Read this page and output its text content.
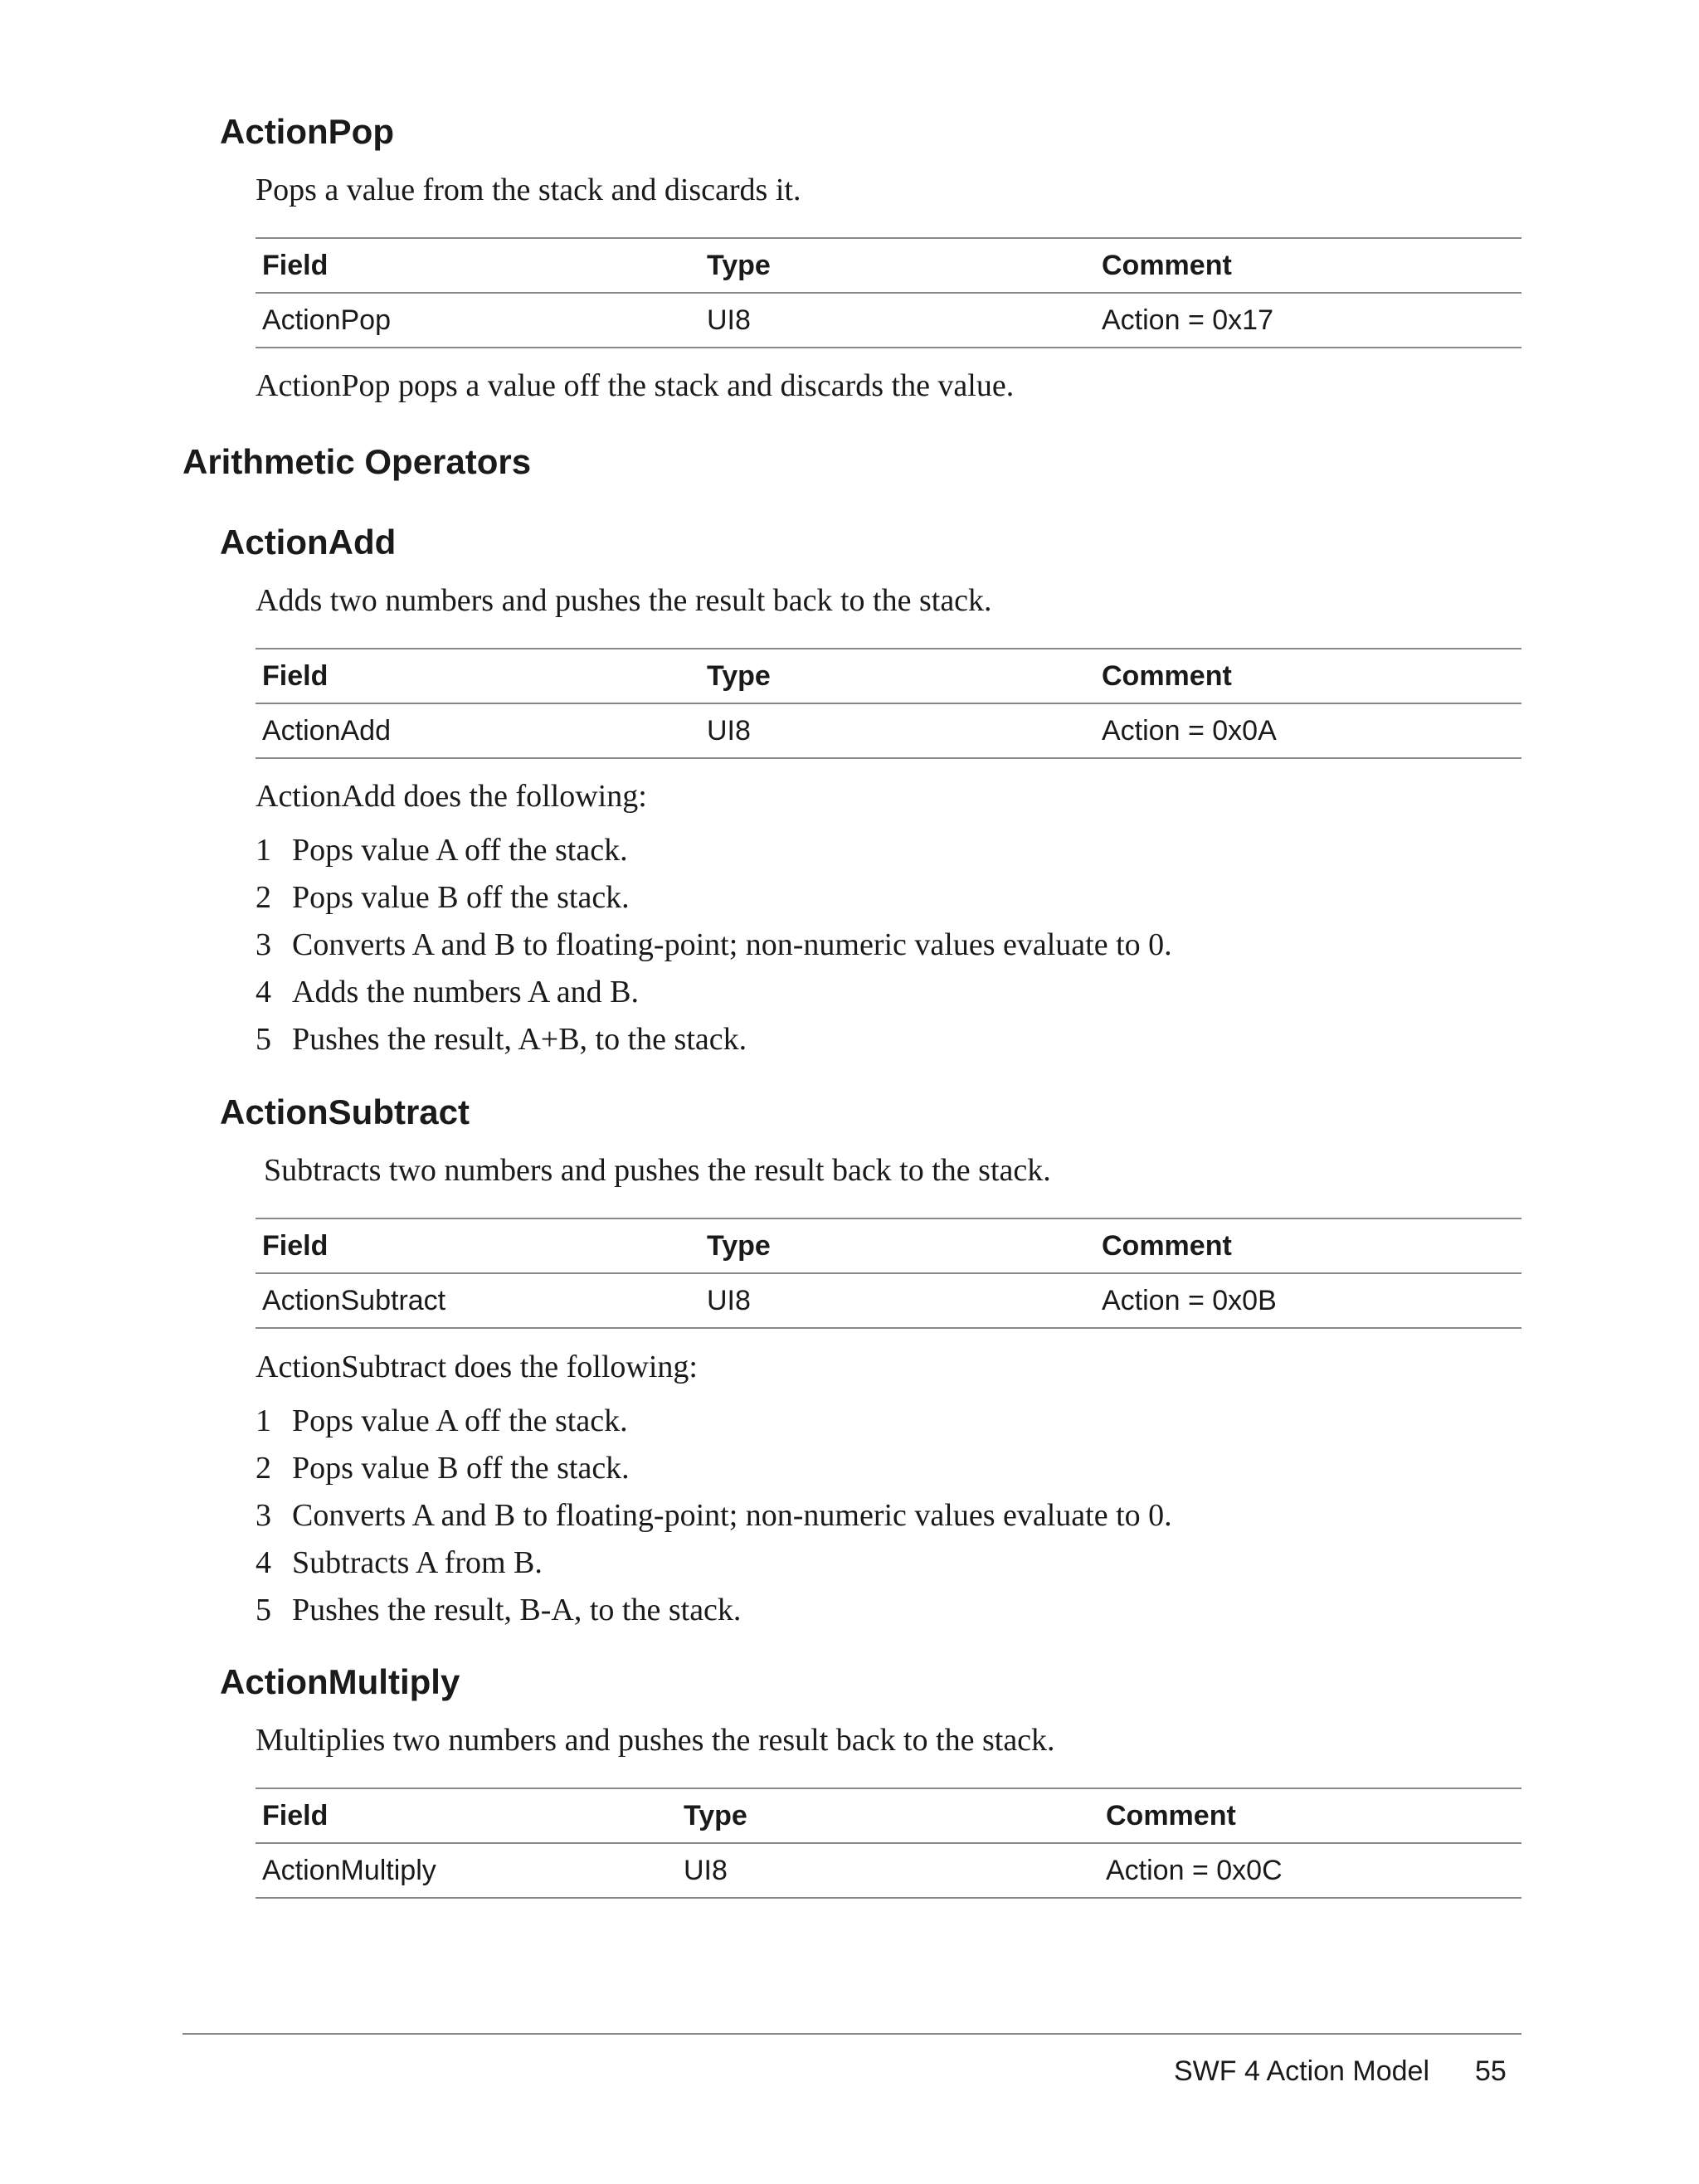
ActionPop

Pops a value from the stack and discards it.

Field	Type	Comment
ActionPop	UI8	Action = 0x17

ActionPop pops a value off the stack and discards the value.

Arithmetic Operators
ActionAdd

Adds two numbers and pushes the result back to the stack.

Field	Type	Comment
ActionAdd	UI8	Action = 0x0A

ActionAdd does the following:

1 Pops value A off the stack.
2 Pops value B off the stack.
3 Converts A and B to floating-point; non-numeric values evaluate to 0.
4 Adds the numbers A and B.
5 Pushes the result, A+B, to the stack.
ActionSubtract

Subtracts two numbers and pushes the result back to the stack.

Field	Type	Comment
ActionSubtract	UI8	Action = 0x0B

ActionSubtract does the following:

1 Pops value A off the stack.
2 Pops value B off the stack.
3 Converts A and B to floating-point; non-numeric values evaluate to 0.
4 Subtracts A from B.
5 Pushes the result, B-A, to the stack.
ActionMultiply

Multiplies two numbers and pushes the result back to the stack.

Field	Type	Comment
ActionMultiply	UI8	Action = 0x0C
SWF 4 Action Model 55
